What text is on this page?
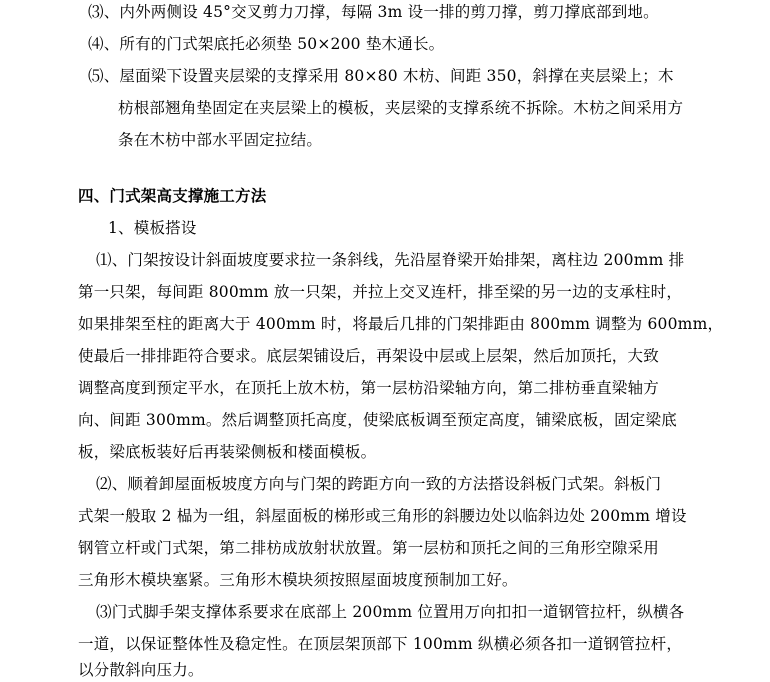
⑶、内外两侧设 45°交叉剪力刀撑，每隔 3m 设一排的剪刀撑，剪刀撑底部到地。
⑷、所有的门式架底托必须垫 50×200 垫木通长。
⑸、屋面梁下设置夹层梁的支撑采用 80×80 木枋、间距 350，斜撑在夹层梁上；木
枋根部翘角垫固定在夹层梁上的模板，夹层梁的支撑系统不拆除。木枋之间采用方
条在木枋中部水平固定拉结。
四、门式架高支撑施工方法
1、模板搭设
⑴、门架按设计斜面坡度要求拉一条斜线，先沿屋脊梁开始排架，离柱边 200mm 排
第一只架，每间距 800mm 放一只架，并拉上交叉连杆，排至梁的另一边的支承柱时，
如果排架至柱的距离大于 400mm 时，将最后几排的门架排距由 800mm 调整为 600mm，
使最后一排排距符合要求。底层架铺设后，再架设中层或上层架，然后加顶托，大致
调整高度到预定平水，在顶托上放木枋，第一层枋沿梁轴方向，第二排枋垂直梁轴方
向、间距 300mm。然后调整顶托高度，使梁底板调至预定高度，铺梁底板，固定梁底
板，梁底板装好后再装梁侧板和楼面模板。
⑵、顺着卸屋面板坡度方向与门架的跨距方向一致的方法搭设斜板门式架。斜板门
式架一般取 2 榀为一组，斜屋面板的梯形或三角形的斜腰边处以临斜边处 200mm 增设
钢管立杆或门式架，第二排枋成放射状放置。第一层枋和顶托之间的三角形空隙采用
三角形木模块塞紧。三角形木模块须按照屋面坡度预制加工好。
⑶门式脚手架支撑体系要求在底部上 200mm 位置用万向扣扣一道钢管拉杆，纵横各
一道，以保证整体性及稳定性。在顶层架顶部下 100mm 纵横必须各扣一道钢管拉杆，
以分散斜向压力。
